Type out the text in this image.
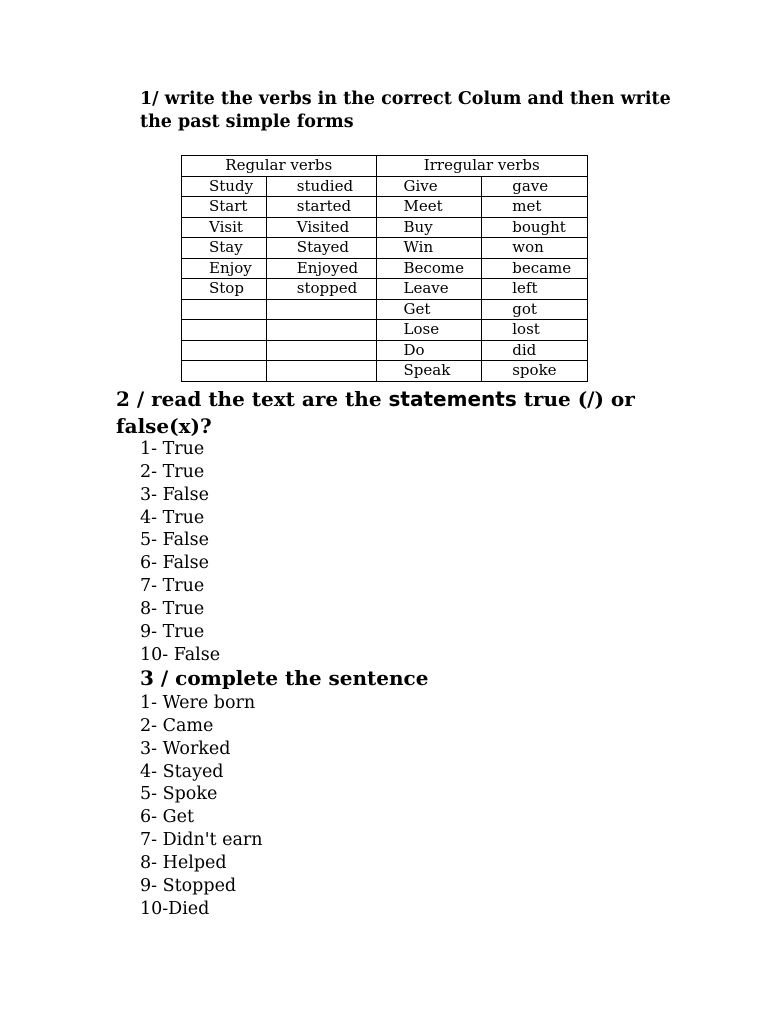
1/ write the verbs in the correct Colum and then write the past simple forms
Regular verbs		Irregular verbs	
Study	studied	Give	gave
Start	started	Meet	met
Visit	Visited	Buy	bought
Stay	Stayed	Win	won
Enjoy	Enjoyed	Become	became
Stop	stopped	Leave	left
		Get	got
		Lose	lost
		Do	did
		Speak	spoke
2 / read the text are the statements true (/) or false(x)?
1- True
2- True
3- False
4- True
5- False
6- False
7- True
8- True
9- True
10- False
3 / complete the sentence
1- Were born
2- Came
3- Worked
4- Stayed
5- Spoke
6- Get
7- Didn't earn
8- Helped
9- Stopped
10-Died
